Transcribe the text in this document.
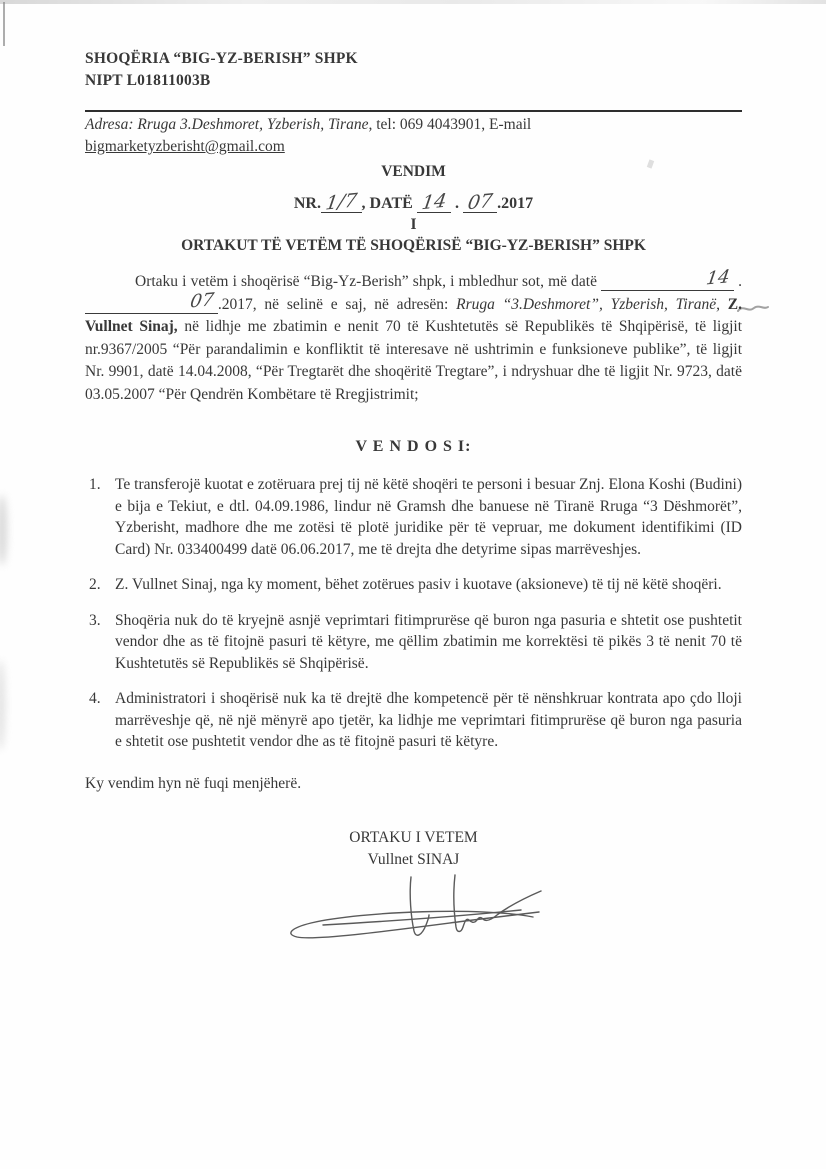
SHOQËRIA “BIG-YZ-BERISH” SHPK
NIPT L01811003B
Adresa: Rruga 3.Deshmoret, Yzberish, Tirane, tel: 069 4043901, E-mail
bigmarketyzberisht@gmail.com
VENDIM
NR. 1/7 , DATË 14 . 07 .2017
I
ORTAKUT TË VETËM TË SHOQËRISË “BIG-YZ-BERISH” SHPK

Ortaku i vetëm i shoqërisë “Big-Yz-Berish” shpk, i mbledhur sot, më datë	14 .07 .2017, në selinë e saj, në adresën: Rruga “3.Deshmoret”, Yzberish, Tiranë, Z. Vullnet Sinaj, në lidhje me zbatimin e nenit 70 të Kushtetutës së Republikës të Shqipërisë, të ligjit nr.9367/2005 “Për parandalimin e konfliktit të interesave në ushtrimin e funksioneve publike”, të ligjit Nr. 9901, datë 14.04.2008, “Për Tregtarët dhe shoqëritë Tregtare”, i ndryshuar dhe të ligjit Nr. 9723, datë 03.05.2007 “Për Qendrën Kombëtare të Rregjistrimit;

V E N D O S I:
1. Te transferojë kuotat e zotëruara prej tij në këtë shoqëri te personi i besuar Znj. Elona Koshi (Budini) e bija e Tekiut, e dtl. 04.09.1986, lindur në Gramsh dhe banuese në Tiranë Rruga “3 Dëshmorët”, Yzberisht, madhore dhe me zotësi të plotë juridike për të vepruar, me dokument identifikimi (ID Card) Nr. 033400499 datë 06.06.2017, me të drejta dhe detyrime sipas marrëveshjes.
2. Z. Vullnet Sinaj, nga ky moment, bëhet zotërues pasiv i kuotave (aksioneve) të tij në këtë shoqëri.
3. Shoqëria nuk do të kryejnë asnjë veprimtari fitimprurëse që buron nga pasuria e shtetit ose pushtetit vendor dhe as të fitojnë pasuri të këtyre, me qëllim zbatimin me korrektësi të pikës 3 të nenit 70 të Kushtetutës së Republikës së Shqipërisë.
4. Administratori i shoqërisë nuk ka të drejtë dhe kompetencë për të nënshkruar kontrata apo çdo lloji marrëveshje që, në një mënyrë apo tjetër, ka lidhje me veprimtari fitimprurëse që buron nga pasuria e shtetit ose pushtetit vendor dhe as të fitojnë pasuri të këtyre.
Ky vendim hyn në fuqi menjëherë.
ORTAKU I VETEM
Vullnet SINAJ
